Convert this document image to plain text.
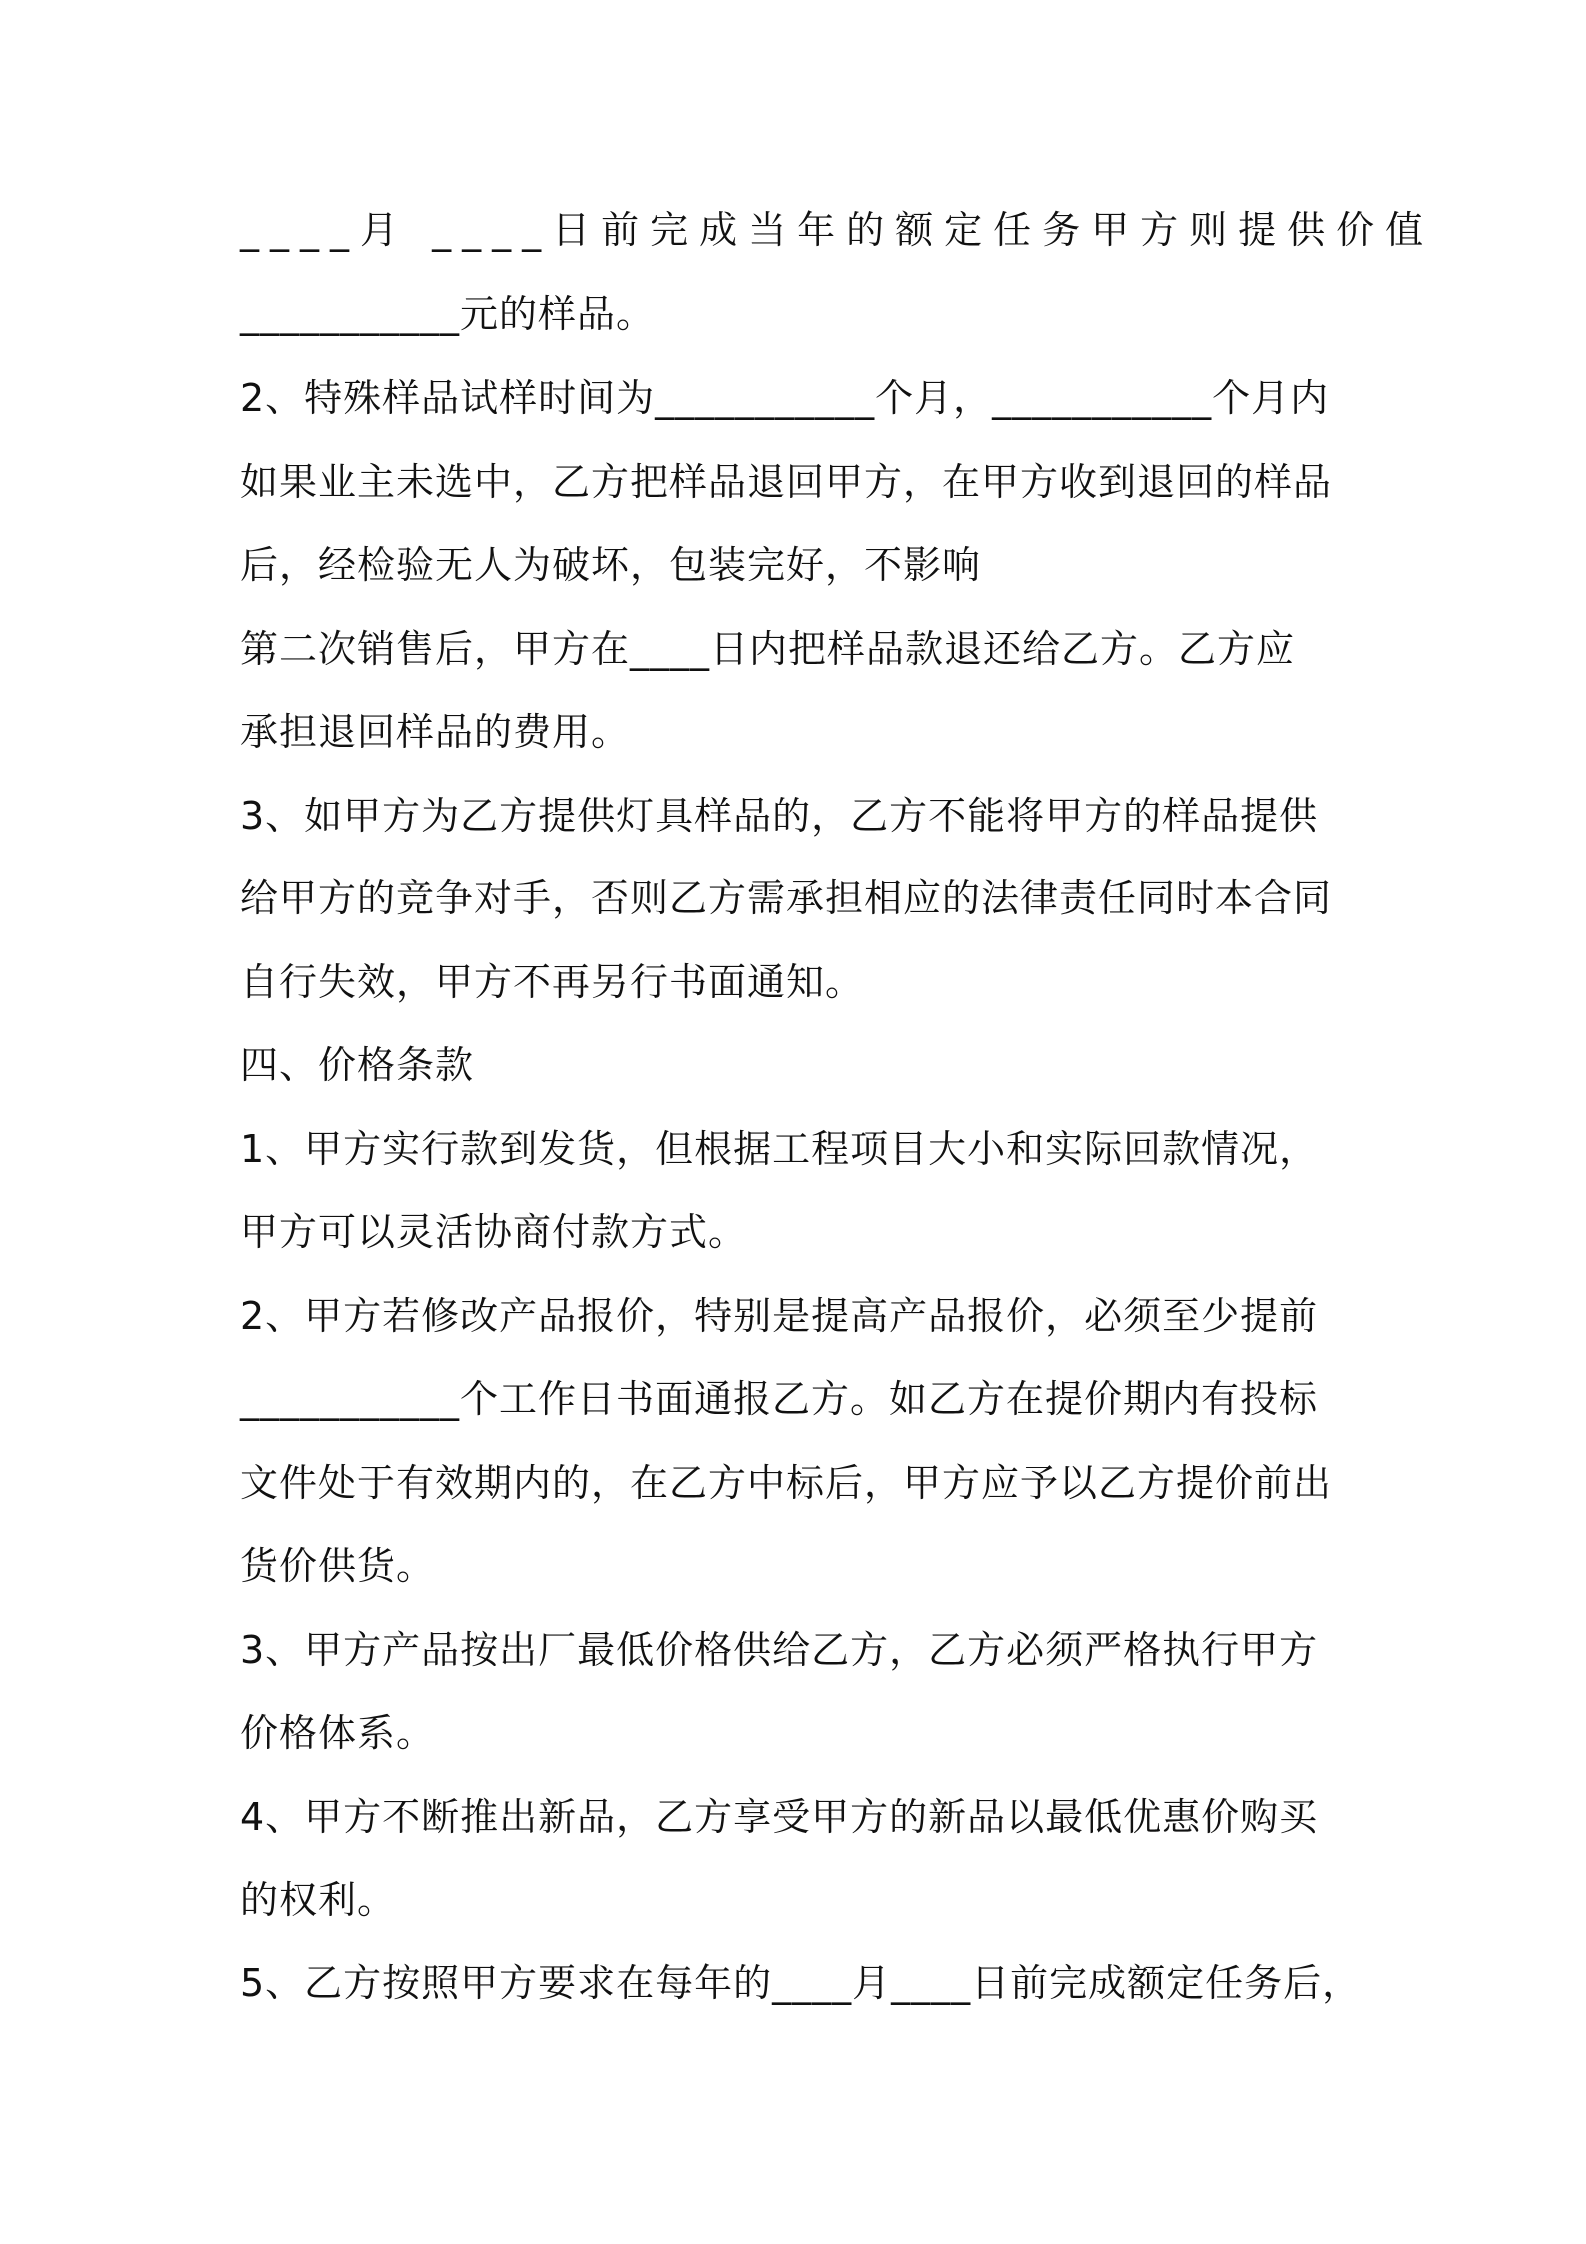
____月 ____日前完成当年的额定任务甲方则提供价值

___________元的样品。

2、特殊样品试样时间为___________个月，___________个月内

如果业主未选中，乙方把样品退回甲方，在甲方收到退回的样品

后，经检验无人为破坏，包装完好，不影响

第二次销售后，甲方在____日内把样品款退还给乙方。乙方应

承担退回样品的费用。

3、如甲方为乙方提供灯具样品的，乙方不能将甲方的样品提供

给甲方的竞争对手，否则乙方需承担相应的法律责任同时本合同

自行失效，甲方不再另行书面通知。

四、价格条款

1、甲方实行款到发货，但根据工程项目大小和实际回款情况，

甲方可以灵活协商付款方式。

2、甲方若修改产品报价，特别是提高产品报价，必须至少提前

___________个工作日书面通报乙方。如乙方在提价期内有投标

文件处于有效期内的，在乙方中标后，甲方应予以乙方提价前出

货价供货。

3、甲方产品按出厂最低价格供给乙方，乙方必须严格执行甲方

价格体系。

4、甲方不断推出新品，乙方享受甲方的新品以最低优惠价购买

的权利。

5、乙方按照甲方要求在每年的____月____日前完成额定任务后，
